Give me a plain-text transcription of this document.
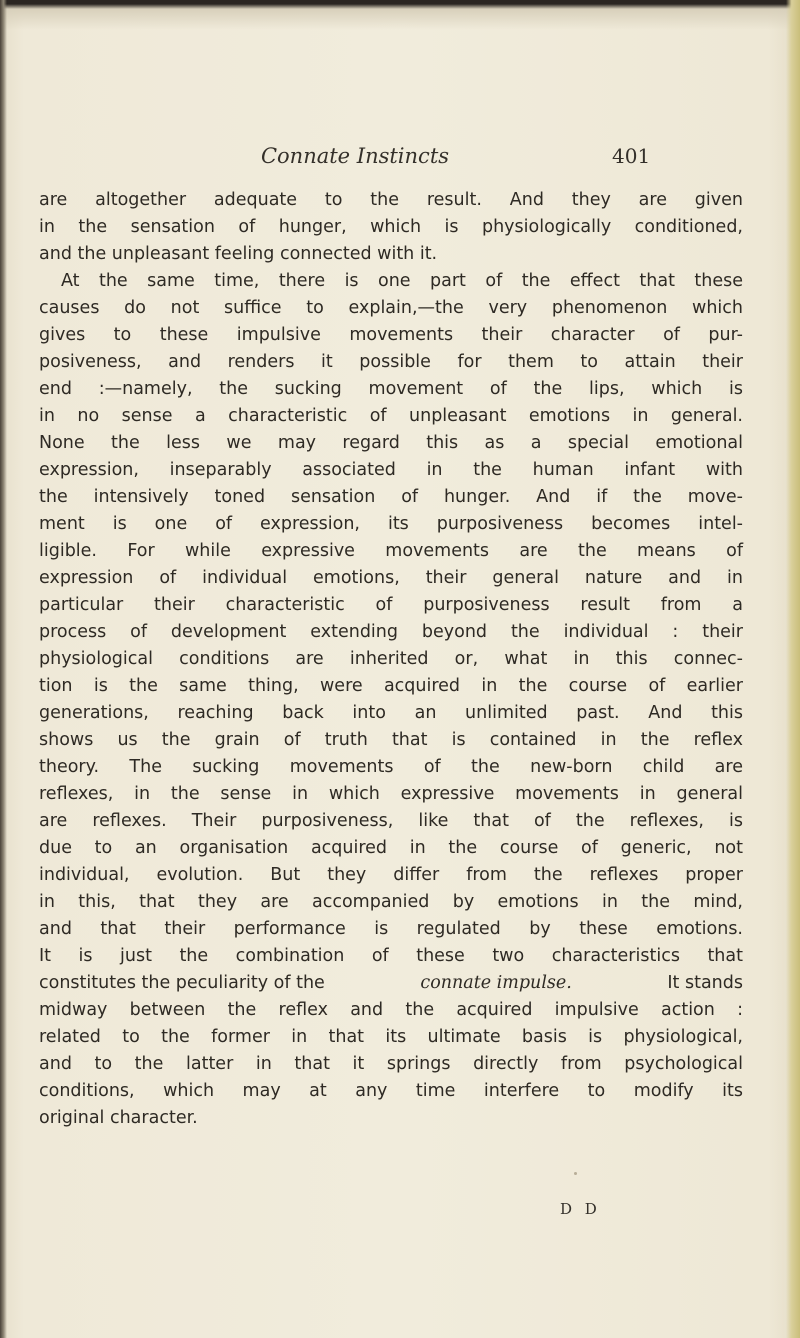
Connate Instincts	401
are altogether adequate to the result. And they are given
in the sensation of hunger, which is physiologically conditioned,
and the unpleasant feeling connected with it.
At the same time, there is one part of the effect that these
causes do not suffice to explain,—the very phenomenon which
gives to these impulsive movements their character of pur-
posiveness, and renders it possible for them to attain their
end :—namely, the sucking movement of the lips, which is
in no sense a characteristic of unpleasant emotions in general.
None the less we may regard this as a special emotional
expression, inseparably associated in the human infant with
the intensively toned sensation of hunger. And if the move-
ment is one of expression, its purposiveness becomes intel-
ligible. For while expressive movements are the means of
expression of individual emotions, their general nature and in
particular their characteristic of purposiveness result from a
process of development extending beyond the individual : their
physiological conditions are inherited or, what in this connec-
tion is the same thing, were acquired in the course of earlier
generations, reaching back into an unlimited past. And this
shows us the grain of truth that is contained in the reflex
theory. The sucking movements of the new-born child are
reflexes, in the sense in which expressive movements in general
are reflexes. Their purposiveness, like that of the reflexes, is
due to an organisation acquired in the course of generic, not
individual, evolution. But they differ from the reflexes proper
in this, that they are accompanied by emotions in the mind,
and that their performance is regulated by these emotions.
It is just the combination of these two characteristics that
constitutes the peculiarity of the	connate impulse.	It stands
midway between the reflex and the acquired impulsive action :
related to the former in that its ultimate basis is physiological,
and to the latter in that it springs directly from psychological
conditions, which may at any time interfere to modify its
original character.
D D
